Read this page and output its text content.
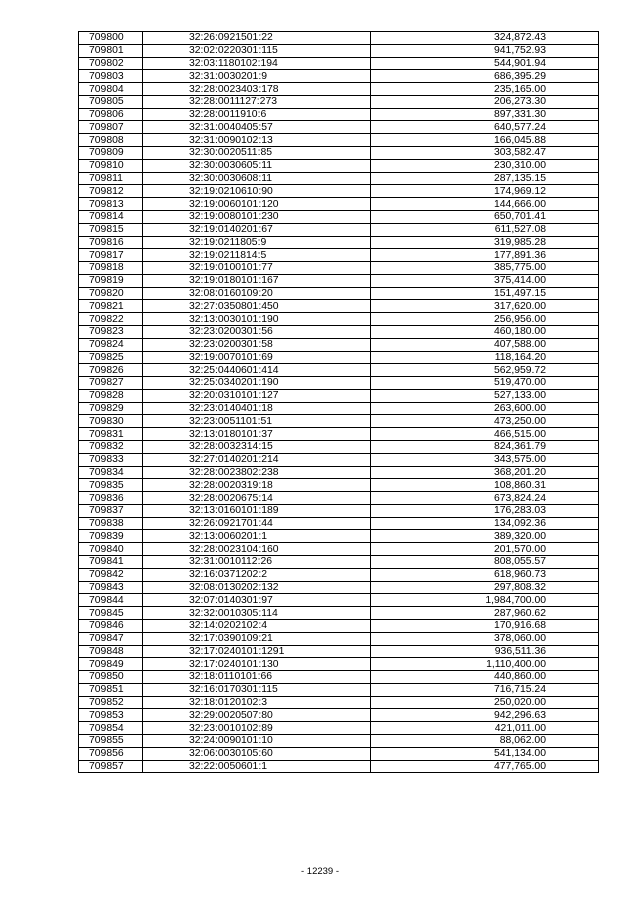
709800	32:26:0921501:22	324,872.43
709801	32:02:0220301:115	941,752.93
709802	32:03:1180102:194	544,901.94
709803	32:31:0030201:9	686,395.29
709804	32:28:0023403:178	235,165.00
709805	32:28:0011127:273	206,273.30
709806	32:28:0011910:6	897,331.30
709807	32:31:0040405:57	640,577.24
709808	32:31:0090102:13	166,045.88
709809	32:30:0020511:85	303,582.47
709810	32:30:0030605:11	230,310.00
709811	32:30:0030608:11	287,135.15
709812	32:19:0210610:90	174,969.12
709813	32:19:0060101:120	144,666.00
709814	32:19:0080101:230	650,701.41
709815	32:19:0140201:67	611,527.08
709816	32:19:0211805:9	319,985.28
709817	32:19:0211814:5	177,891.36
709818	32:19:0100101:77	385,775.00
709819	32:19:0180101:167	375,414.00
709820	32:08:0160109:20	151,497.15
709821	32:27:0350801:450	317,620.00
709822	32:13:0030101:190	256,956.00
709823	32:23:0200301:56	460,180.00
709824	32:23:0200301:58	407,588.00
709825	32:19:0070101:69	118,164.20
709826	32:25:0440601:414	562,959.72
709827	32:25:0340201:190	519,470.00
709828	32:20:0310101:127	527,133.00
709829	32:23:0140401:18	263,600.00
709830	32:23:0051101:51	473,250.00
709831	32:13:0180101:37	466,515.00
709832	32:28:0032314:15	824,361.79
709833	32:27:0140201:214	343,575.00
709834	32:28:0023802:238	368,201.20
709835	32:28:0020319:18	108,860.31
709836	32:28:0020675:14	673,824.24
709837	32:13:0160101:189	176,283.03
709838	32:26:0921701:44	134,092.36
709839	32:13:0060201:1	389,320.00
709840	32:28:0023104:160	201,570.00
709841	32:31:0010112:26	808,055.57
709842	32:16:0371202:2	618,960.73
709843	32:08:0130202:132	297,808.32
709844	32:07:0140301:97	1,984,700.00
709845	32:32:0010305:114	287,960.62
709846	32:14:0202102:4	170,916.68
709847	32:17:0390109:21	378,060.00
709848	32:17:0240101:1291	936,511.36
709849	32:17:0240101:130	1,110,400.00
709850	32:18:0110101:66	440,860.00
709851	32:16:0170301:115	716,715.24
709852	32:18:0120102:3	250,020.00
709853	32:29:0020507:80	942,296.63
709854	32:23:0010102:89	421,011.00
709855	32:24:0090101:10	88,062.00
709856	32:06:0030105:60	541,134.00
709857	32:22:0050601:1	477,765.00
- 12239 -
